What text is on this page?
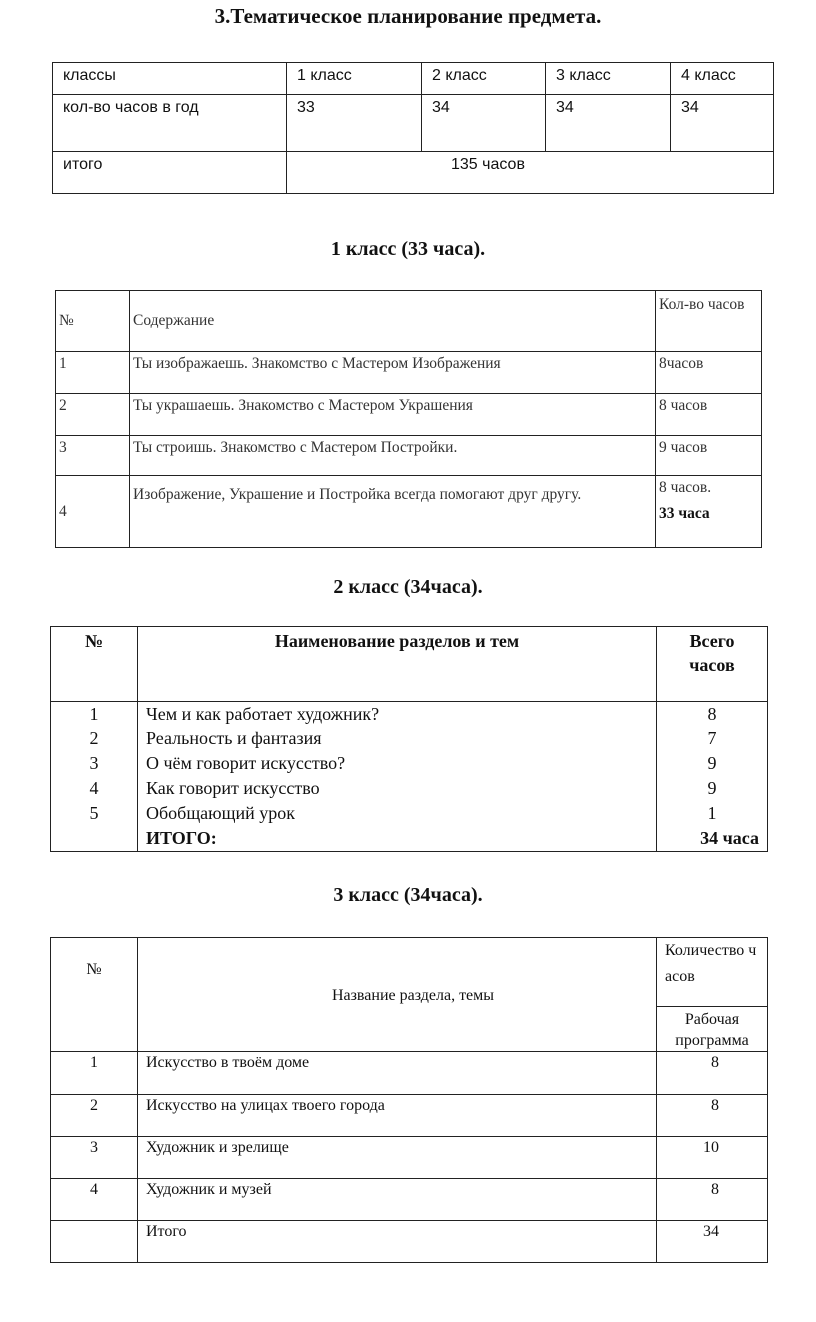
3.Тематическое планирование предмета.
классы	1 класс	2 класс	3 класс	4 класс
кол-во часов в год	33	34	34	34
итого	135 часов			
1 класс (33 часа).
№	Содержание	Кол-во часов
1	Ты изображаешь. Знакомство с Мастером Изображения	8часов
2	Ты украшаешь. Знакомство с Мастером Украшения	8 часов
3	Ты строишь. Знакомство с Мастером Постройки.	9 часов
4	Изображение, Украшение и Постройка всегда помогают друг другу.	8 часов.
33 часа
2 класс (34часа).
№	Наименование разделов и тем	Всего часов
1	Чем и как работает художник?	8
2	Реальность и фантазия	7
3	О чём говорит искусство?	9
4	Как говорит искусство	9
5	Обобщающий урок	1
	ИТОГО:	34 часа
3 класс (34часа).
№	Название раздела, темы	Количество часов
		Рабочая программа
1	Искусство в твоём доме	8
2	Искусство на улицах твоего города	8
3	Художник и зрелище	10
4	Художник и музей	8
	Итого	34
